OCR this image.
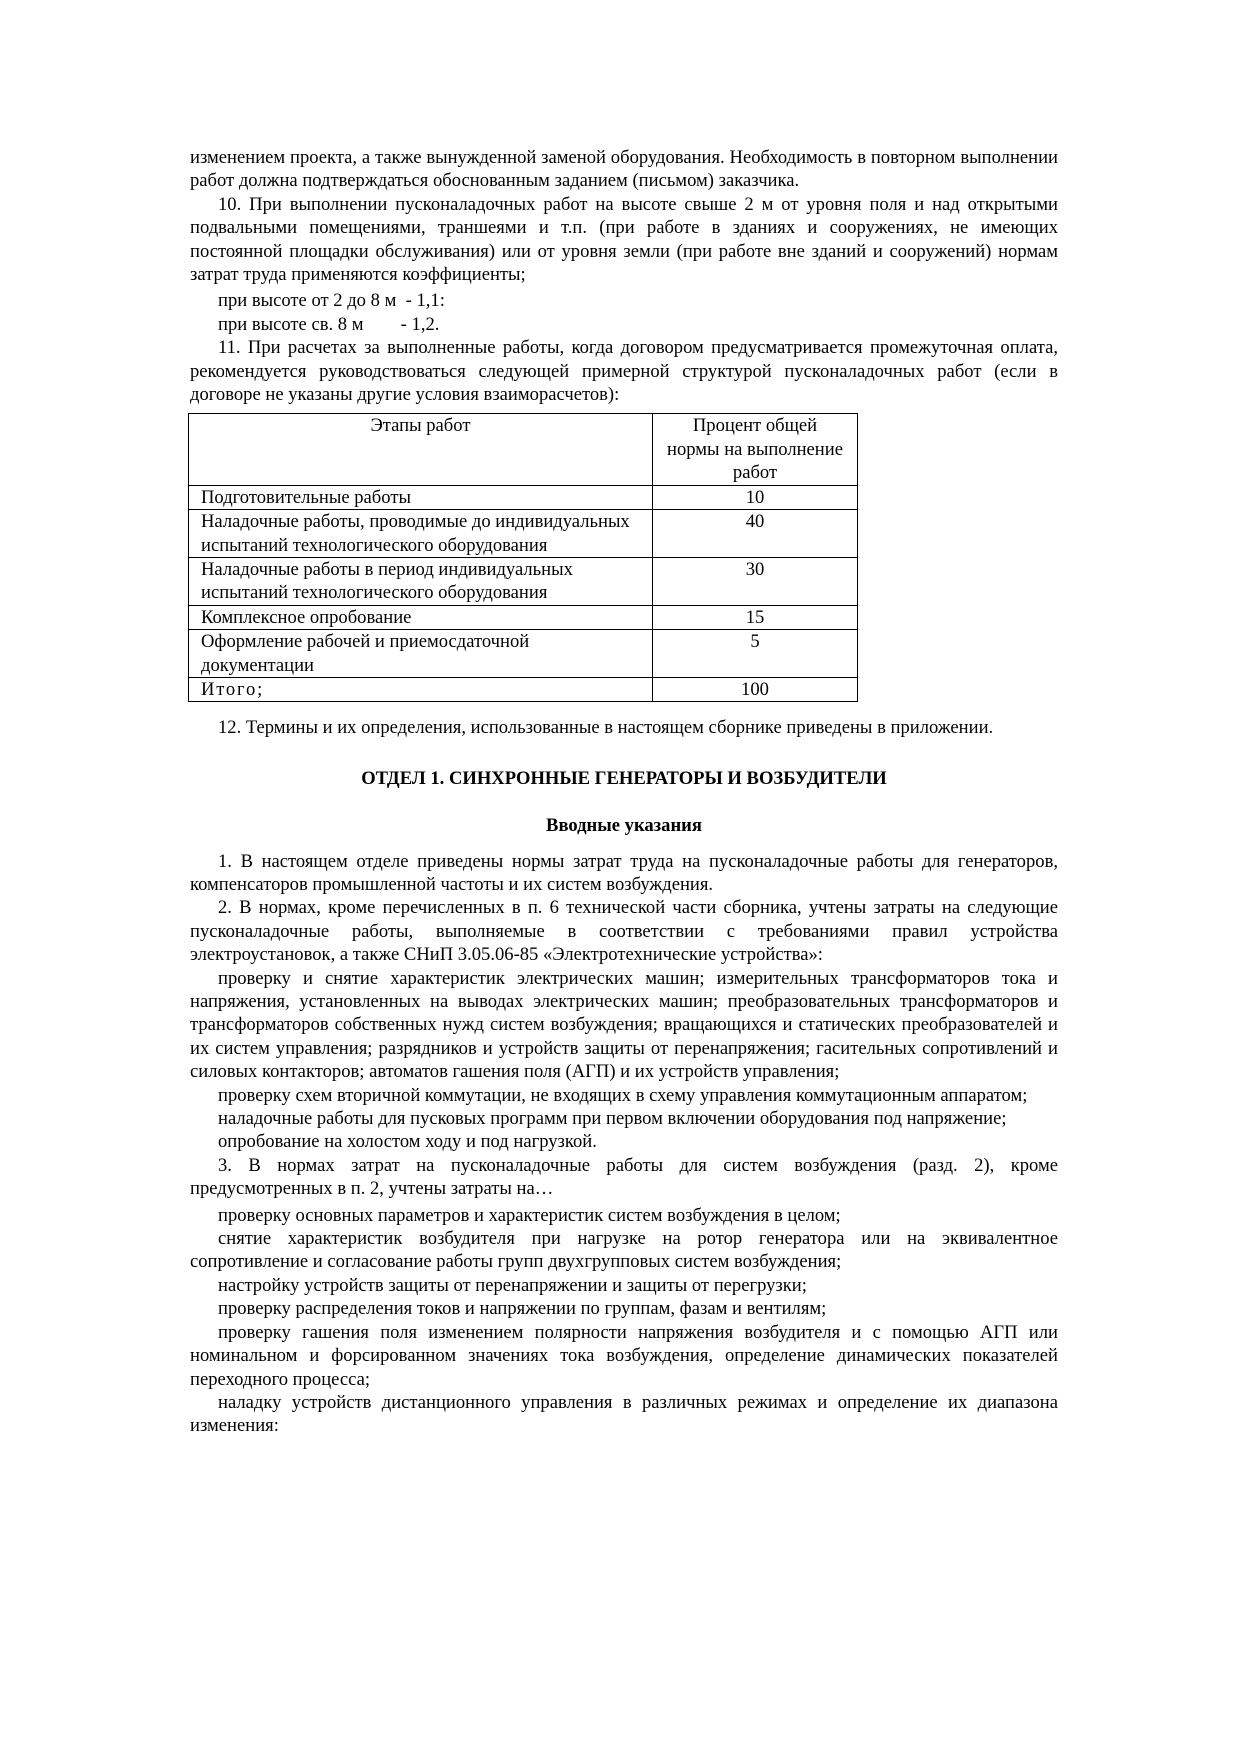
изменением проекта, а также вынужденной заменой оборудования. Необходимость в повторном выполнении работ должна подтверждаться обоснованным заданием (письмом) заказчика.

10. При выполнении пусконаладочных работ на высоте свыше 2 м от уровня поля и над открытыми подвальными помещениями, траншеями и т.п. (при работе в зданиях и сооружениях, не имеющих постоянной площадки обслуживания) или от уровня земли (при работе вне зданий и сооружений) нормам затрат труда применяются коэффициенты;

при высоте от 2 до 8 м  - 1,1:

при высоте св. 8 м        - 1,2.

11. При расчетах за выполненные работы, когда договором предусматривается промежуточная оплата, рекомендуется руководствоваться следующей примерной структурой пусконаладочных работ (если в договоре не указаны другие условия взаиморасчетов):

Этапы работ	Процент общей нормы на выполнение работ
Подготовительные работы	10
Наладочные работы, проводимые до индивидуальных испытаний технологического оборудования	40
Наладочные работы в период индивидуальных испытаний технологического оборудования	30
Комплексное опробование	15
Оформление рабочей и приемосдаточной документации	5
Итого;	100

12. Термины и их определения, использованные в настоящем сборнике приведены в приложении.

ОТДЕЛ 1. СИНХРОННЫЕ ГЕНЕРАТОРЫ И ВОЗБУДИТЕЛИ

Вводные указания

1. В настоящем отделе приведены нормы затрат труда на пусконаладочные работы для генераторов, компенсаторов промышленной частоты и их систем возбуждения.

2. В нормах, кроме перечисленных в п. 6 технической части сборника, учтены затраты на следующие пусконаладочные работы, выполняемые в соответствии с требованиями правил устройства электроустановок, а также СНиП 3.05.06-85 «Электротехнические устройства»:

проверку и снятие характеристик электрических машин; измерительных трансформаторов тока и напряжения, установленных на выводах электрических машин; преобразовательных трансформаторов и трансформаторов собственных нужд систем возбуждения; вращающихся и статических преобразователей и их систем управления; разрядников и устройств защиты от перенапряжения; гасительных сопротивлений и силовых контакторов; автоматов гашения поля (АГП) и их устройств управления;

проверку схем вторичной коммутации, не входящих в схему управления коммутационным аппаратом;

наладочные работы для пусковых программ при первом включении оборудования под напряжение;

опробование на холостом ходу и под нагрузкой.

3. В нормах затрат на пусконаладочные работы для систем возбуждения (разд. 2), кроме предусмотренных в п. 2, учтены затраты на…

проверку основных параметров и характеристик систем возбуждения в целом;

снятие характеристик возбудителя при нагрузке на ротор генератора или на эквивалентное сопротивление и согласование работы групп двухгрупповых систем возбуждения;

настройку устройств защиты от перенапряжении и защиты от перегрузки;

проверку распределения токов и напряжении по группам, фазам и вентилям;

проверку гашения поля изменением полярности напряжения возбудителя и с помощью АГП или номинальном и форсированном значениях тока возбуждения, определение динамических показателей переходного процесса;

наладку устройств дистанционного управления в различных режимах и определение их диапазона изменения:
